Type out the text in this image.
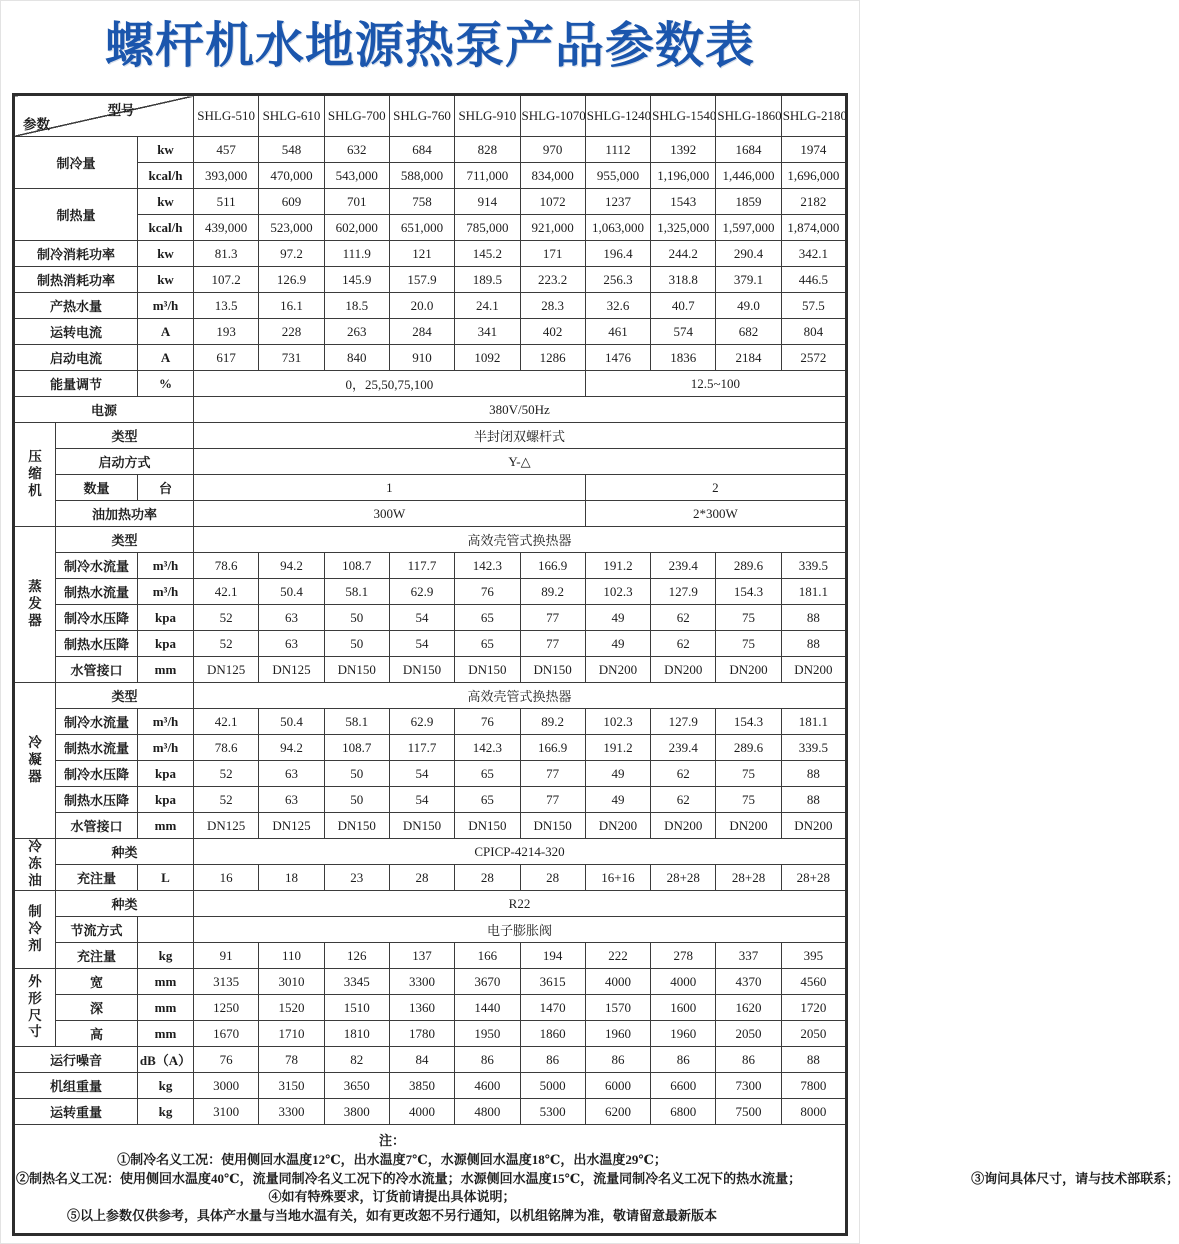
螺杆机水地源热泵产品参数表
型号
参数			SHLG-510	SHLG-610	SHLG-700	SHLG-760	SHLG-910	SHLG-1070	SHLG-1240	SHLG-1540	SHLG-1860	SHLG-2180
制冷量		kw	457	548	632	684	828	970	1112	1392	1684	1974
		kcal/h	393,000	470,000	543,000	588,000	711,000	834,000	955,000	1,196,000	1,446,000	1,696,000
制热量		kw	511	609	701	758	914	1072	1237	1543	1859	2182
		kcal/h	439,000	523,000	602,000	651,000	785,000	921,000	1,063,000	1,325,000	1,597,000	1,874,000
制冷消耗功率		kw	81.3	97.2	111.9	121	145.2	171	196.4	244.2	290.4	342.1
制热消耗功率		kw	107.2	126.9	145.9	157.9	189.5	223.2	256.3	318.8	379.1	446.5
产热水量		m³/h	13.5	16.1	18.5	20.0	24.1	28.3	32.6	40.7	49.0	57.5
运转电流		A	193	228	263	284	341	402	461	574	682	804
启动电流		A	617	731	840	910	1092	1286	1476	1836	2184	2572
能量调节		%	0，25,50,75,100						12.5~100			
电源			380V/50Hz									
压缩机	类型		半封闭双螺杆式									
	启动方式		Y-△									
	数量	台	1						2			
	油加热功率		300W						2*300W			
蒸发器	类型		高效壳管式换热器									
	制冷水流量	m³/h	78.6	94.2	108.7	117.7	142.3	166.9	191.2	239.4	289.6	339.5
	制热水流量	m³/h	42.1	50.4	58.1	62.9	76	89.2	102.3	127.9	154.3	181.1
	制冷水压降	kpa	52	63	50	54	65	77	49	62	75	88
	制热水压降	kpa	52	63	50	54	65	77	49	62	75	88
	水管接口	mm	DN125	DN125	DN150	DN150	DN150	DN150	DN200	DN200	DN200	DN200
冷凝器	类型		高效壳管式换热器									
	制冷水流量	m³/h	42.1	50.4	58.1	62.9	76	89.2	102.3	127.9	154.3	181.1
	制热水流量	m³/h	78.6	94.2	108.7	117.7	142.3	166.9	191.2	239.4	289.6	339.5
	制冷水压降	kpa	52	63	50	54	65	77	49	62	75	88
	制热水压降	kpa	52	63	50	54	65	77	49	62	75	88
	水管接口	mm	DN125	DN125	DN150	DN150	DN150	DN150	DN200	DN200	DN200	DN200
冷冻油	种类		CPICP-4214-320									
	充注量	L	16	18	23	28	28	28	16+16	28+28	28+28	28+28
制冷剂	种类		R22									
	节流方式		电子膨胀阀									
	充注量	kg	91	110	126	137	166	194	222	278	337	395
外形尺寸	宽	mm	3135	3010	3345	3300	3670	3615	4000	4000	4370	4560
	深	mm	1250	1520	1510	1360	1440	1470	1570	1600	1620	1720
	高	mm	1670	1710	1810	1780	1950	1860	1960	1960	2050	2050
运行噪音		dB（A）	76	78	82	84	86	86	86	86	86	88
机组重量		kg	3000	3150	3650	3850	4600	5000	6000	6600	7300	7800
运转重量		kg	3100	3300	3800	4000	4800	5300	6200	6800	7500	8000

注：
①制冷名义工况：使用侧回水温度12℃，出水温度7℃，水源侧回水温度18℃，出水温度29℃；
②制热名义工况：使用侧回水温度40℃，流量同制冷名义工况下的冷水流量；水源侧回水温度15℃，流量同制冷名义工况下的热水流量； ③询问具体尺寸，请与技术部联系；
④如有特殊要求，订货前请提出具体说明；
⑤以上参数仅供参考，具体产水量与当地水温有关，如有更改恕不另行通知，以机组铭牌为准，敬请留意最新版本												
